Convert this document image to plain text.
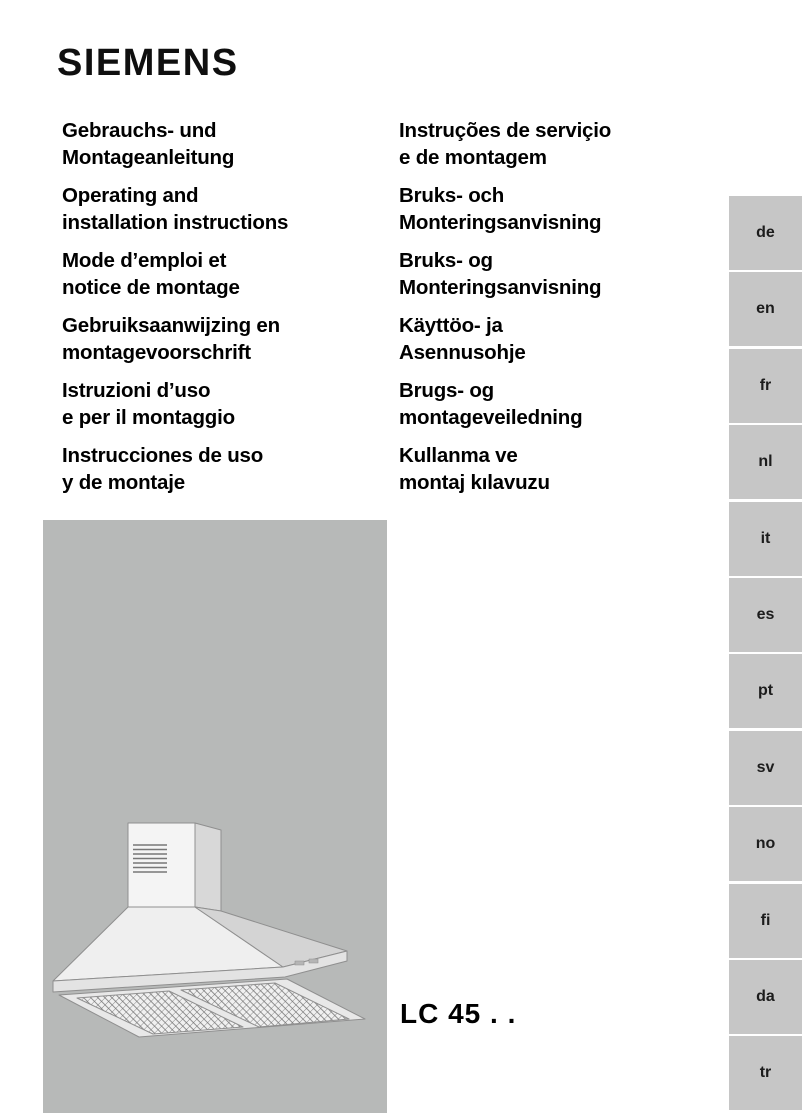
SIEMENS
Gebrauchs- und
Montageanleitung
Operating and
installation instructions
Mode d’emploi et
notice de montage
Gebruiksaanwijzing en
montagevoorschrift
Istruzioni d’uso
e per il montaggio
Instrucciones de uso
y de montaje
Instruções de serviçio
e de montagem
Bruks- och
Monteringsanvisning
Bruks- og
Monteringsanvisning
Käyttöo- ja
Asennusohje
Brugs- og
montageveiledning
Kullanma ve
montaj kılavuzu
de
en
fr
nl
it
es
pt
sv
no
fi
da
tr
LC 45 . .
